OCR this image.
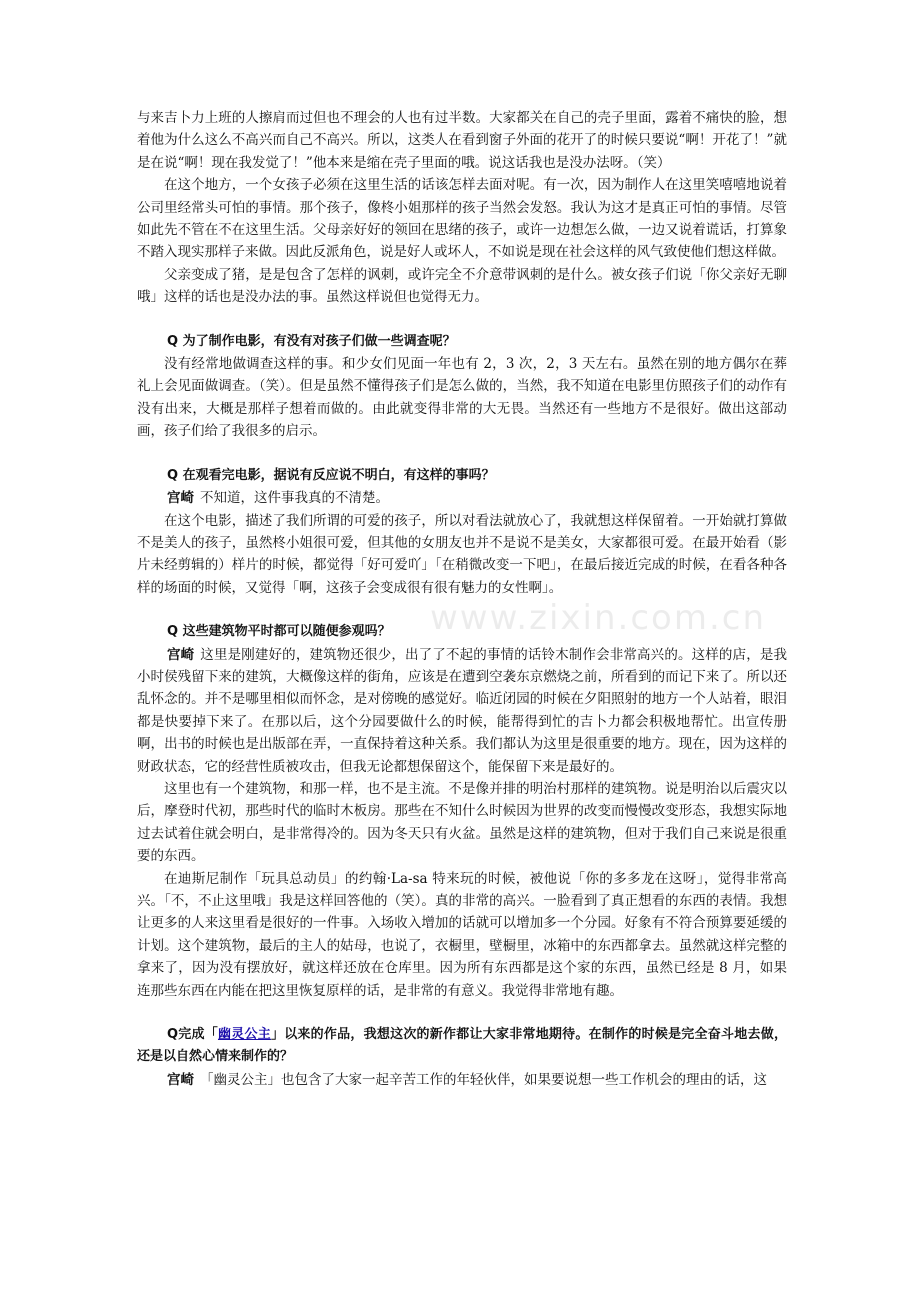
www.zixin.com.cn

与来吉卜力上班的人擦肩而过但也不理会的人也有过半数。大家都关在自己的壳子里面，露着不痛快的脸，想着他为什么这么不高兴而自己不高兴。所以，这类人在看到窗子外面的花开了的时候只要说“啊！开花了！”就是在说“啊！现在我发觉了！”他本来是缩在壳子里面的哦。说这话我也是没办法呀。（笑）

在这个地方，一个女孩子必须在这里生活的话该怎样去面对呢。有一次，因为制作人在这里笑嘻嘻地说着公司里经常头可怕的事情。那个孩子，像柊小姐那样的孩子当然会发怒。我认为这才是真正可怕的事情。尽管如此先不管在不在这里生活。父母亲好好的领回在思绪的孩子，或许一边想怎么做，一边又说着谎话，打算象不踏入现实那样子来做。因此反派角色，说是好人或坏人，不如说是现在社会这样的风气致使他们想这样做。

父亲变成了猪，是是包含了怎样的讽刺，或许完全不介意带讽刺的是什么。被女孩子们说「你父亲好无聊哦」这样的话也是没办法的事。虽然这样说但也觉得无力。

Q 为了制作电影，有没有对孩子们做一些调查呢？

没有经常地做调查这样的事。和少女们见面一年也有 2，3 次，2，3 天左右。虽然在别的地方偶尔在葬礼上会见面做调查。（笑）。但是虽然不懂得孩子们是怎么做的，当然，我不知道在电影里仿照孩子们的动作有没有出来，大概是那样子想着而做的。由此就变得非常的大无畏。当然还有一些地方不是很好。做出这部动画，孩子们给了我很多的启示。

Q 在观看完电影，据说有反应说不明白，有这样的事吗？

宫崎 不知道，这件事我真的不清楚。

在这个电影，描述了我们所谓的可爱的孩子，所以对看法就放心了，我就想这样保留着。一开始就打算做不是美人的孩子，虽然柊小姐很可爱，但其他的女朋友也并不是说不是美女，大家都很可爱。在最开始看（影片未经剪辑的）样片的时候，都觉得「好可爱吖」「在稍微改变一下吧」，在最后接近完成的时候，在看各种各样的场面的时候，又觉得「啊，这孩子会变成很有很有魅力的女性啊」。

Q 这些建筑物平时都可以随便参观吗？

宫崎 这里是刚建好的，建筑物还很少，出了了不起的事情的话铃木制作会非常高兴的。这样的店，是我小时侯残留下来的建筑，大概像这样的街角，应该是在遭到空袭东京燃烧之前，所看到的而记下来了。所以还乱怀念的。并不是哪里相似而怀念，是对傍晚的感觉好。临近闭园的时候在夕阳照射的地方一个人站着，眼泪都是快要掉下来了。在那以后，这个分园要做什么的时候，能帮得到忙的吉卜力都会积极地帮忙。出宣传册啊，出书的时候也是出版部在弄，一直保持着这种关系。我们都认为这里是很重要的地方。现在，因为这样的财政状态，它的经营性质被攻击，但我无论都想保留这个，能保留下来是最好的。

这里也有一个建筑物，和那一样，也不是主流。不是像并排的明治村那样的建筑物。说是明治以后震灾以后，摩登时代初，那些时代的临时木板房。那些在不知什么时候因为世界的改变而慢慢改变形态，我想实际地过去试着住就会明白，是非常得冷的。因为冬天只有火盆。虽然是这样的建筑物，但对于我们自己来说是很重要的东西。

在迪斯尼制作「玩具总动员」的约翰·La-sa 特来玩的时候，被他说「你的多多龙在这呀」，觉得非常高兴。「不，不止这里哦」我是这样回答他的（笑）。真的非常的高兴。一脸看到了真正想看的东西的表情。我想让更多的人来这里看是很好的一件事。入场收入增加的话就可以增加多一个分园。好象有不符合预算要延缓的计划。这个建筑物，最后的主人的姑母，也说了，衣橱里，壁橱里，冰箱中的东西都拿去。虽然就这样完整的拿来了，因为没有摆放好，就这样还放在仓库里。因为所有东西都是这个家的东西，虽然已经是 8 月，如果连那些东西在内能在把这里恢复原样的话，是非常的有意义。我觉得非常地有趣。

Q完成「幽灵公主」以来的作品，我想这次的新作都让大家非常地期待。在制作的时候是完全奋斗地去做，还是以自然心情来制作的？

宫崎 「幽灵公主」也包含了大家一起辛苦工作的年轻伙伴，如果要说想一些工作机会的理由的话，这
